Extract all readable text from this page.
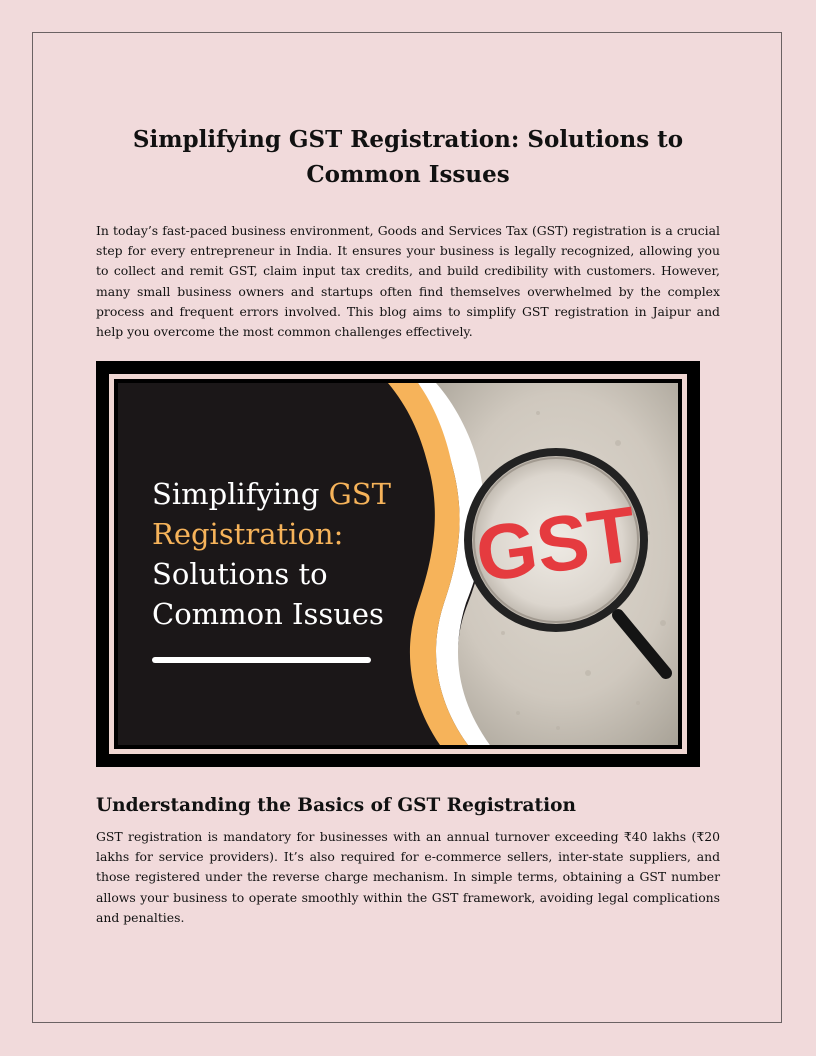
Simplifying GST Registration: Solutions to Common Issues

In today’s fast-paced business environment, Goods and Services Tax (GST) registration is a crucial step for every entrepreneur in India. It ensures your business is legally recognized, allowing you to collect and remit GST, claim input tax credits, and build credibility with customers. However, many small business owners and startups often find themselves overwhelmed by the complex process and frequent errors involved. This blog aims to simplify GST registration in Jaipur and help you overcome the most common challenges effectively.

GST

Simplifying GST
Registration:
Solutions to
Common Issues

Understanding the Basics of GST Registration

GST registration is mandatory for businesses with an annual turnover exceeding ₹40 lakhs (₹20 lakhs for service providers). It’s also required for e-commerce sellers, inter-state suppliers, and those registered under the reverse charge mechanism. In simple terms, obtaining a GST number allows your business to operate smoothly within the GST framework, avoiding legal complications and penalties.
